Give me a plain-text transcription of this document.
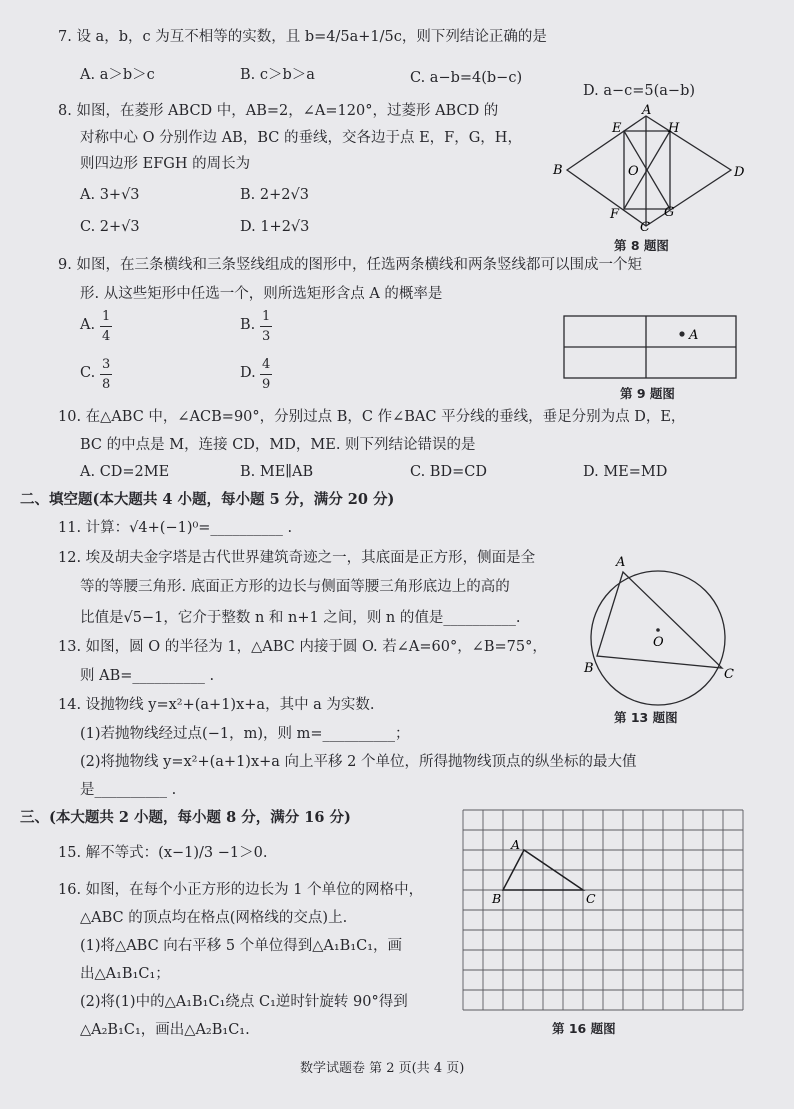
7. 设 a，b，c 为互不相等的实数，且 b=4/5a+1/5c，则下列结论正确的是
A. a＞b＞c	B. c＞b＞a	C. a−b=4(b−c)
D. a−c=5(a−b)
8. 如图，在菱形 ABCD 中，AB=2，∠A=120°，过菱形 ABCD 的
对称中心 O 分别作边 AB，BC 的垂线，交各边于点 E，F，G，H，
则四边形 EFGH 的周长为
A. 3+√3	B. 2+2√3
C. 2+√3	D. 1+2√3
A
B
C
D
E
F	G
H
O
第 8 题图
9. 如图，在三条横线和三条竖线组成的图形中，任选两条横线和两条竖线都可以围成一个矩
形. 从这些矩形中任选一个，则所选矩形含点 A 的概率是
A.
1
4
B.
1
3
C.
3
8
D.
4
9
A
第 9 题图
10. 在△ABC 中，∠ACB=90°，分别过点 B，C 作∠BAC 平分线的垂线，垂足分别为点 D，E，
BC 的中点是 M，连接 CD，MD，ME. 则下列结论错误的是
A. CD=2ME	B. ME∥AB	C. BD=CD	D. ME=MD
二、填空题(本大题共 4 小题，每小题 5 分，满分 20 分)
11. 计算：√4+(−1)⁰=__________ .
12. 埃及胡夫金字塔是古代世界建筑奇迹之一，其底面是正方形，侧面是全
等的等腰三角形. 底面正方形的边长与侧面等腰三角形底边上的高的
比值是√5−1，它介于整数 n 和 n+1 之间，则 n 的值是__________.
13. 如图，圆 O 的半径为 1，△ABC 内接于圆 O. 若∠A=60°，∠B=75°，
则 AB=__________ .
A
B	C
O
第 13 题图
14. 设抛物线 y=x²+(a+1)x+a，其中 a 为实数.
(1)若抛物线经过点(−1，m)，则 m=__________；
(2)将抛物线 y=x²+(a+1)x+a 向上平移 2 个单位，所得抛物线顶点的纵坐标的最大值
是__________ .
三、(本大题共 2 小题，每小题 8 分，满分 16 分)
15. 解不等式：(x−1)/3 −1＞0.
16. 如图，在每个小正方形的边长为 1 个单位的网格中，
△ABC 的顶点均在格点(网格线的交点)上.
(1)将△ABC 向右平移 5 个单位得到△A₁B₁C₁，画
出△A₁B₁C₁；
(2)将(1)中的△A₁B₁C₁绕点 C₁逆时针旋转 90°得到
△A₂B₁C₁，画出△A₂B₁C₁.
A
B	C
第 16 题图
数学试题卷 第 2 页(共 4 页)
